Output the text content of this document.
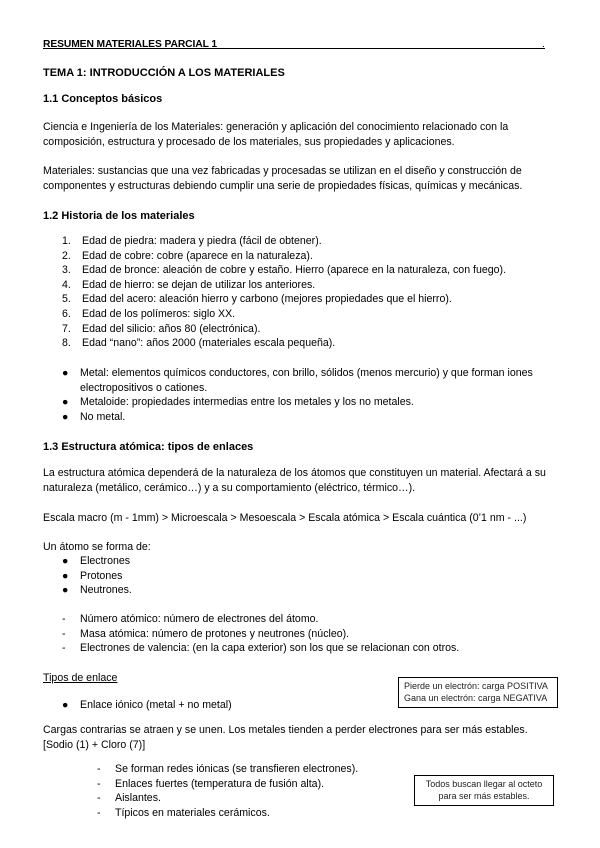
RESUMEN MATERIALES PARCIAL 1	.
TEMA 1: INTRODUCCIÓN A LOS MATERIALES
1.1 Conceptos básicos

Ciencia e Ingeniería de los Materiales: generación y aplicación del conocimiento relacionado con la composición, estructura y procesado de los materiales, sus propiedades y aplicaciones.

Materiales: sustancias que una vez fabricadas y procesadas se utilizan en el diseño y construcción de componentes y estructuras debiendo cumplir una serie de propiedades físicas, químicas y mecánicas.

1.2 Historia de los materiales
1. Edad de piedra: madera y piedra (fácil de obtener).
2. Edad de cobre: cobre (aparece en la naturaleza).
3. Edad de bronce: aleación de cobre y estaño. Hierro (aparece en la naturaleza, con fuego).
4. Edad de hierro: se dejan de utilizar los anteriores.
5. Edad del acero: aleación hierro y carbono (mejores propiedades que el hierro).
6. Edad de los polímeros: siglo XX.
7. Edad del silicio: años 80 (electrónica).
8. Edad “nano”: años 2000 (materiales escala pequeña).
● Metal: elementos químicos conductores, con brillo, sólidos (menos mercurio) y que forman iones electropositivos o cationes.
● Metaloide: propiedades intermedias entre los metales y los no metales.
● No metal.
1.3 Estructura atómica: tipos de enlaces

La estructura atómica dependerá de la naturaleza de los átomos que constituyen un material. Afectará a su naturaleza (metálico, cerámico…) y a su comportamiento (eléctrico, térmico…).

Escala macro (m - 1mm) > Microescala > Mesoescala > Escala atómica > Escala cuántica (0’1 nm - ...)

Un átomo se forma de:

● Electrones
● Protones
● Neutrones.
- Número atómico: número de electrones del átomo.
- Masa atómica: número de protones y neutrones (núcleo).
- Electrones de valencia: (en la capa exterior) son los que se relacionan con otros.
Tipos de enlace
● Enlace iónico (metal + no metal)
Pierde un electrón: carga POSITIVA
Gana un electrón: carga NEGATIVA

Cargas contrarias se atraen y se unen. Los metales tienden a perder electrones para ser más estables. [Sodio (1) + Cloro (7)]

- Se forman redes iónicas (se transfieren electrones).
- Enlaces fuertes (temperatura de fusión alta).
- Aislantes.
- Típicos en materiales cerámicos.
Todos buscan llegar al octeto
para ser más estables.
